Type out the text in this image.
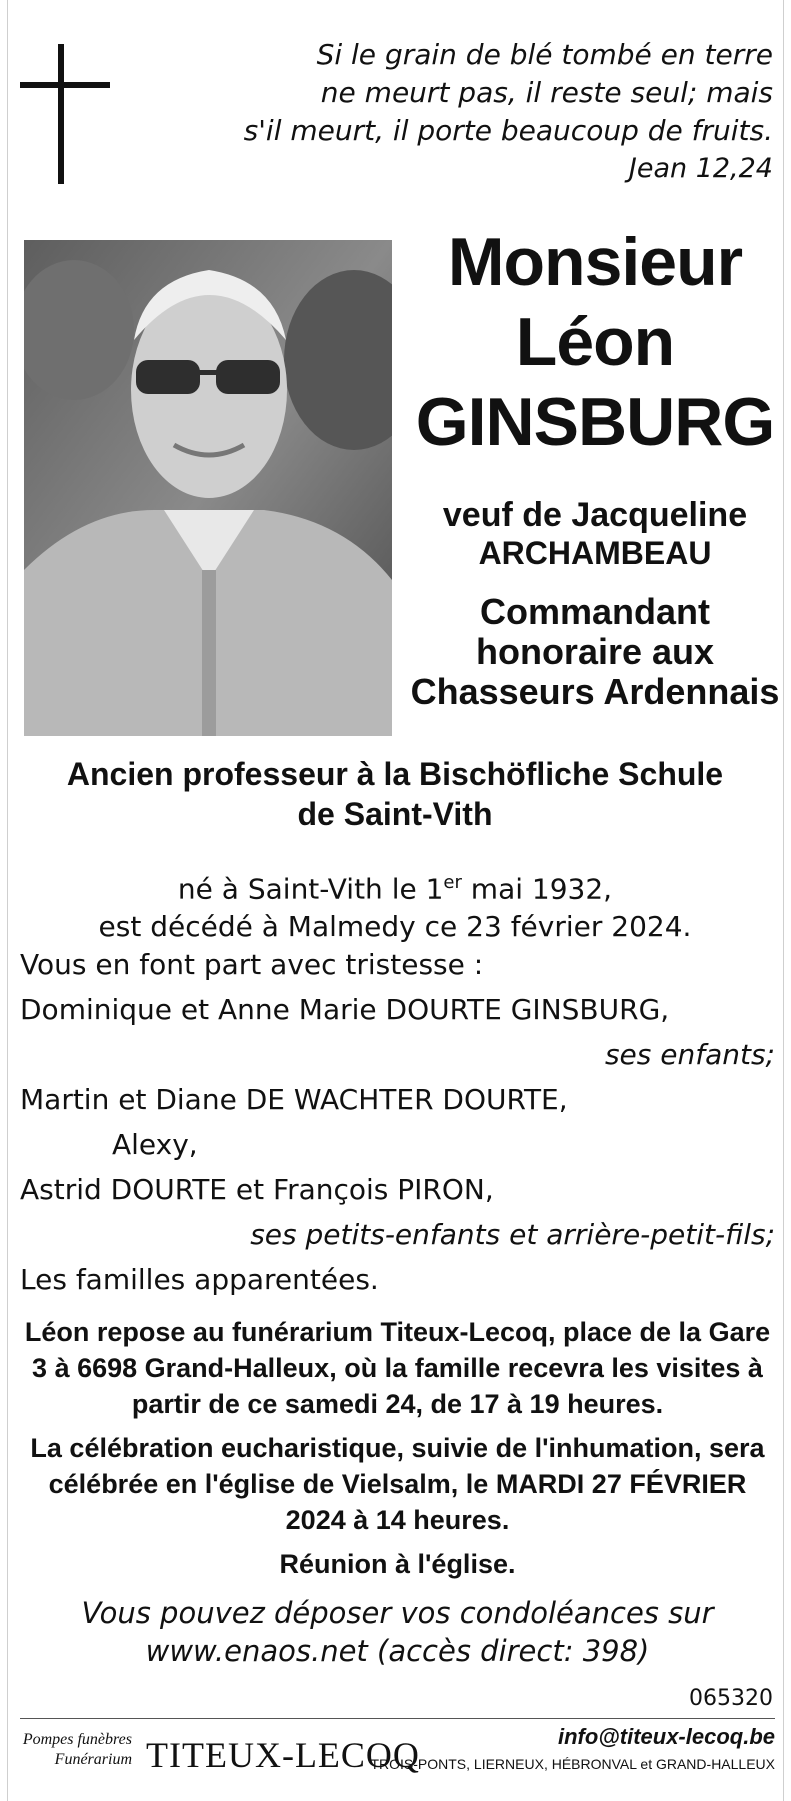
Si le grain de blé tombé en terre
ne meurt pas, il reste seul; mais
s'il meurt, il porte beaucoup de fruits.
Jean 12,24
Monsieur
Léon
GINSBURG
veuf de Jacqueline
ARCHAMBEAU
Commandant
honoraire aux
Chasseurs Ardennais
Ancien professeur à la Bischöfliche Schule
de Saint-Vith
né à Saint-Vith le 1er mai 1932,
est décédé à Malmedy ce 23 février 2024.
Vous en font part avec tristesse :
Dominique et Anne Marie DOURTE GINSBURG,
ses enfants;
Martin et Diane DE WACHTER DOURTE,
Alexy,
Astrid DOURTE et François PIRON,
ses petits-enfants et arrière-petit-fils;
Les familles apparentées.

Léon repose au funérarium Titeux-Lecoq, place de la Gare 3 à 6698 Grand-Halleux, où la famille recevra les visites à partir de ce samedi 24, de 17 à 19 heures.

La célébration eucharistique, suivie de l'inhumation, sera célébrée en l'église de Vielsalm, le MARDI 27 FÉVRIER 2024 à 14 heures.

Réunion à l'église.

Vous pouvez déposer vos condoléances sur
www.enaos.net (accès direct: 398)
065320
Pompes funèbres
Funérarium TITEUX-LECOQ	info@titeux-lecoq.be
TROIS-PONTS, LIERNEUX, HÉBRONVAL et GRAND-HALLEUX
